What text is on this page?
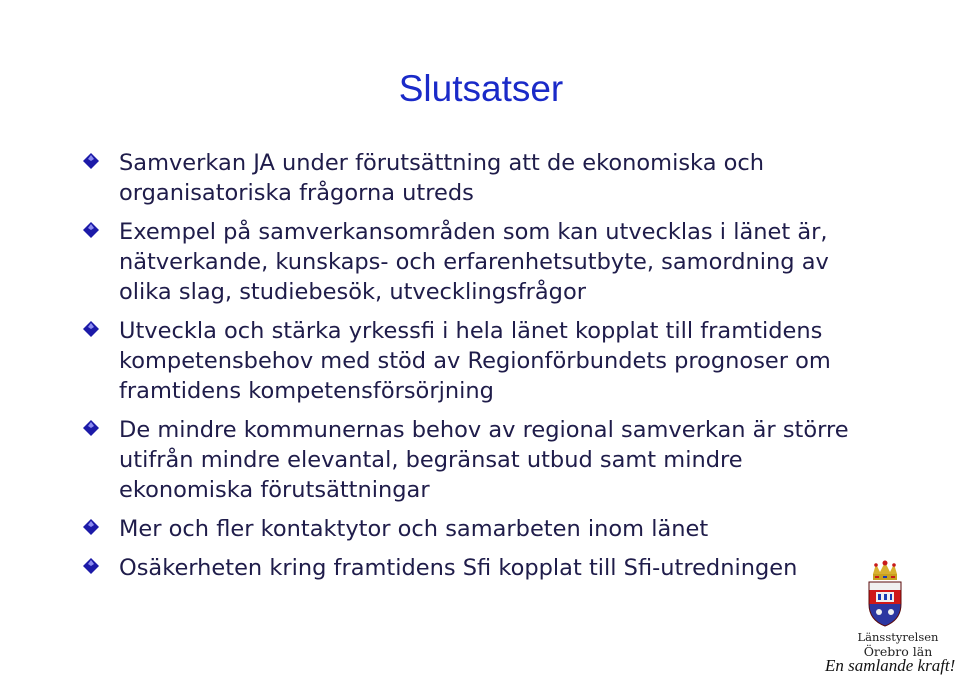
Slutsatser
Samverkan JA under förutsättning att de ekonomiska och organisatoriska frågorna utreds
Exempel på samverkansområden som kan utvecklas i länet är, nätverkande, kunskaps- och erfarenhetsutbyte, samordning av olika slag, studiebesök, utvecklingsfrågor
Utveckla och stärka yrkessfi i hela länet kopplat till framtidens kompetensbehov med stöd av Regionförbundets prognoser om framtidens kompetensförsörjning
De mindre kommunernas behov av regional samverkan är större utifrån mindre elevantal, begränsat utbud samt mindre ekonomiska förutsättningar
Mer och fler kontaktytor och samarbeten inom länet
Osäkerheten kring framtidens Sfi kopplat till Sfi-utredningen
Länsstyrelsen
Örebro län
En samlande kraft!
